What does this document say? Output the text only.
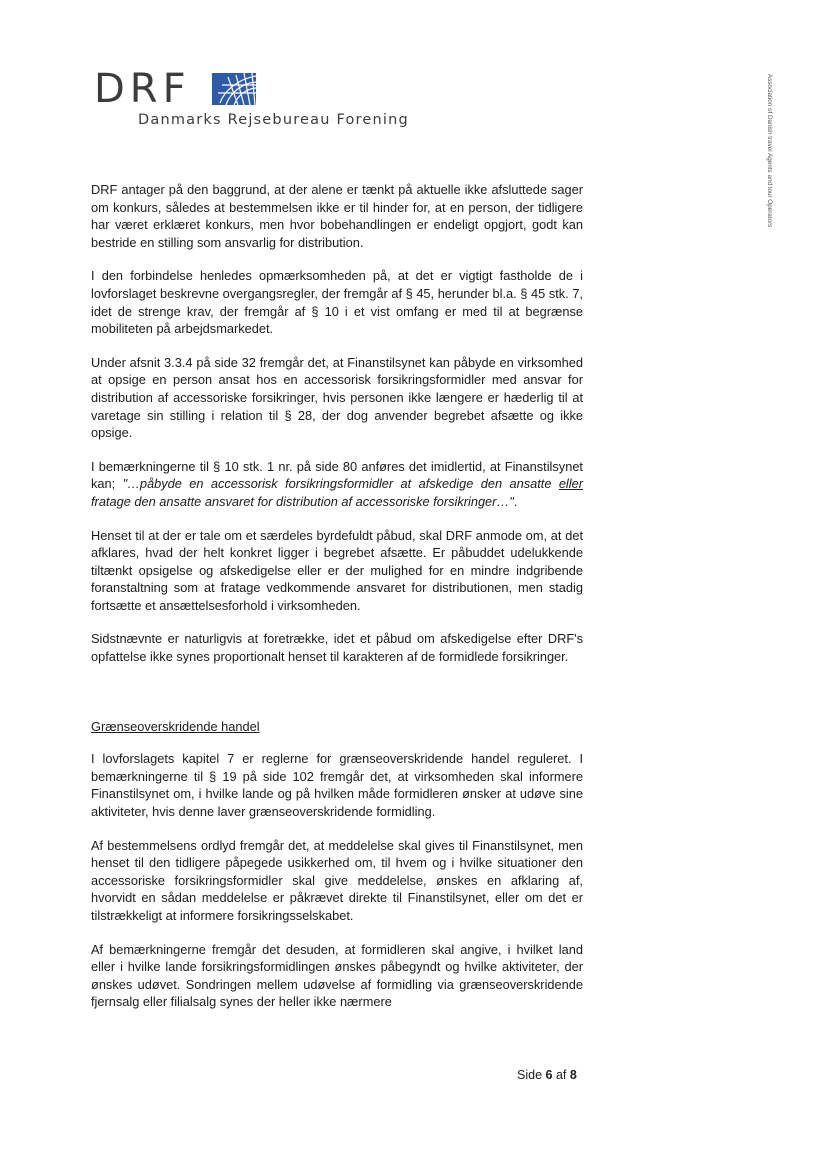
DRF
Danmarks Rejsebureau Forening	Association of Danish travel Agents and tour Operators

DRF antager på den baggrund, at der alene er tænkt på aktuelle ikke afsluttede sager om konkurs, således at bestemmelsen ikke er til hinder for, at en person, der tidligere har været erklæret konkurs, men hvor bobehandlingen er endeligt opgjort, godt kan bestride en stilling som ansvarlig for distribution.

I den forbindelse henledes opmærksomheden på, at det er vigtigt fastholde de i lovforslaget beskrevne overgangsregler, der fremgår af § 45, herunder bl.a. § 45 stk. 7, idet de strenge krav, der fremgår af § 10 i et vist omfang er med til at begrænse mobiliteten på arbejdsmarkedet.

Under afsnit 3.3.4 på side 32 fremgår det, at Finanstilsynet kan påbyde en virksomhed at opsige en person ansat hos en accessorisk forsikringsformidler med ansvar for distribution af accessoriske forsikringer, hvis personen ikke længere er hæderlig til at varetage sin stilling i relation til § 28, der dog anvender begrebet afsætte og ikke opsige.

I bemærkningerne til § 10 stk. 1 nr. på side 80 anføres det imidlertid, at Finanstilsynet kan; "…påbyde en accessorisk forsikringsformidler at afskedige den ansatte eller fratage den ansatte ansvaret for distribution af accessoriske forsikringer…".

Henset til at der er tale om et særdeles byrdefuldt påbud, skal DRF anmode om, at det afklares, hvad der helt konkret ligger i begrebet afsætte. Er påbuddet udelukkende tiltænkt opsigelse og afskedigelse eller er der mulighed for en mindre indgribende foranstaltning som at fratage vedkommende ansvaret for distributionen, men stadig fortsætte et ansættelsesforhold i virksomheden.

Sidstnævnte er naturligvis at foretrække, idet et påbud om afskedigelse efter DRF's opfattelse ikke synes proportionalt henset til karakteren af de formidlede forsikringer.

Grænseoverskridende handel

I lovforslagets kapitel 7 er reglerne for grænseoverskridende handel reguleret. I bemærkningerne til § 19 på side 102 fremgår det, at virksomheden skal informere Finanstilsynet om, i hvilke lande og på hvilken måde formidleren ønsker at udøve sine aktiviteter, hvis denne laver grænseoverskridende formidling.

Af bestemmelsens ordlyd fremgår det, at meddelelse skal gives til Finanstilsynet, men henset til den tidligere påpegede usikkerhed om, til hvem og i hvilke situationer den accessoriske forsikringsformidler skal give meddelelse, ønskes en afklaring af, hvorvidt en sådan meddelelse er påkrævet direkte til Finanstilsynet, eller om det er tilstrækkeligt at informere forsikringsselskabet.

Af bemærkningerne fremgår det desuden, at formidleren skal angive, i hvilket land eller i hvilke lande forsikringsformidlingen ønskes påbegyndt og hvilke aktiviteter, der ønskes udøvet. Sondringen mellem udøvelse af formidling via grænseoverskridende fjernsalg eller filialsalg synes der heller ikke nærmere

Side 6 af 8
